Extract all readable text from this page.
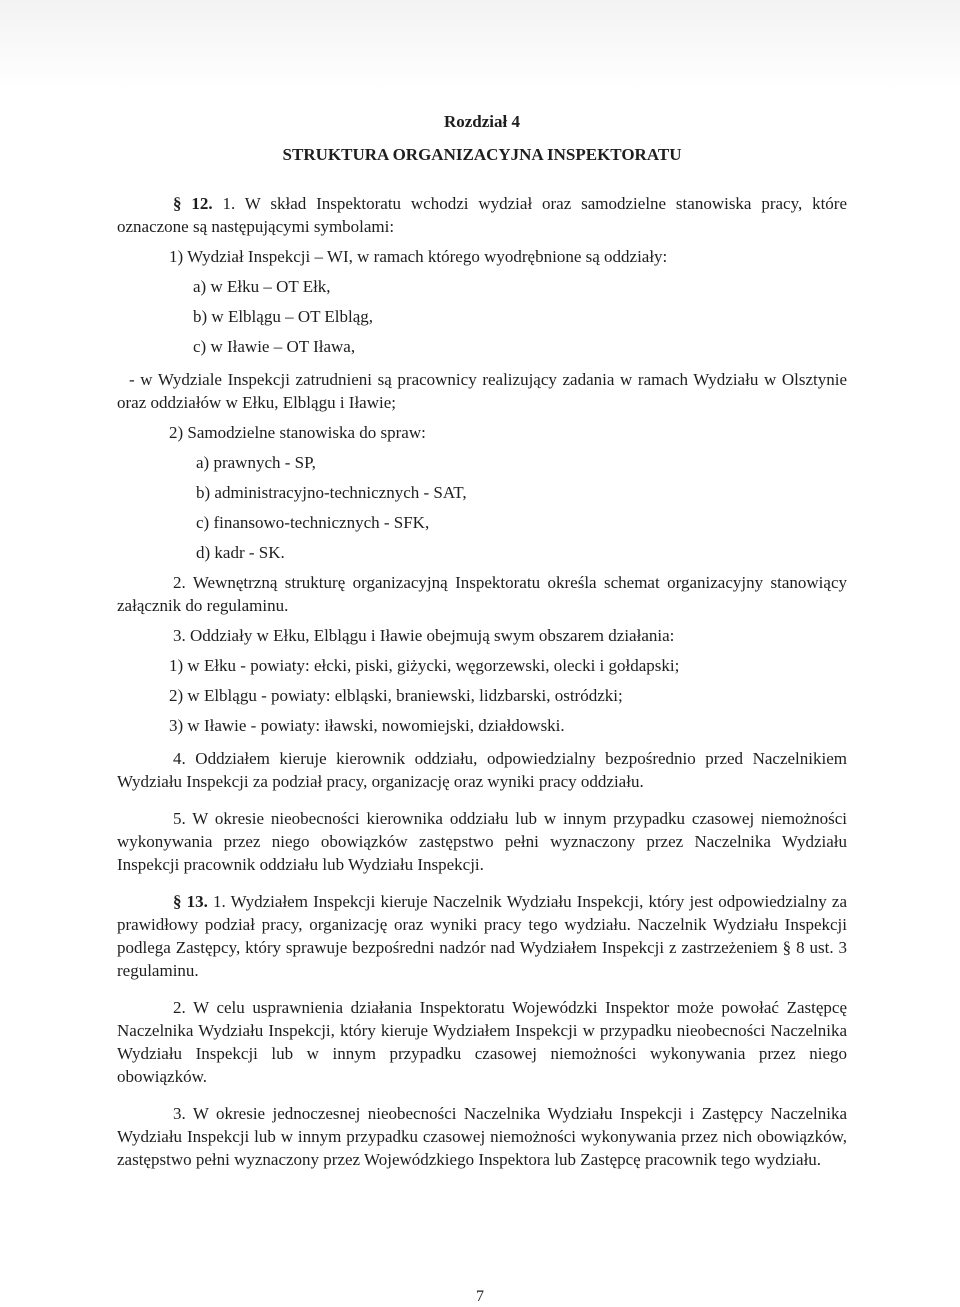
Rozdział 4
STRUKTURA ORGANIZACYJNA INSPEKTORATU

§ 12. 1. W skład Inspektoratu wchodzi wydział oraz samodzielne stanowiska pracy, które oznaczone są następującymi symbolami:

1) Wydział Inspekcji – WI, w ramach którego wyodrębnione są oddziały:

a) w Ełku – OT Ełk,

b) w Elblągu – OT Elbląg,

c) w Iławie – OT Iława,

- w Wydziale Inspekcji zatrudnieni są pracownicy realizujący zadania w ramach Wydziału w Olsztynie oraz oddziałów w Ełku, Elblągu i Iławie;

2) Samodzielne stanowiska do spraw:

a) prawnych - SP,

b) administracyjno-technicznych - SAT,

c) finansowo-technicznych - SFK,

d) kadr - SK.

2. Wewnętrzną strukturę organizacyjną Inspektoratu określa schemat organizacyjny stanowiący załącznik do regulaminu.

3. Oddziały w Ełku, Elblągu i Iławie obejmują swym obszarem działania:

1) w Ełku - powiaty: ełcki, piski, giżycki, węgorzewski, olecki i gołdapski;

2) w Elblągu - powiaty: elbląski, braniewski, lidzbarski, ostródzki;

3) w Iławie - powiaty: iławski, nowomiejski, działdowski.

4. Oddziałem kieruje kierownik oddziału, odpowiedzialny bezpośrednio przed Naczelnikiem Wydziału Inspekcji za podział pracy, organizację oraz wyniki pracy oddziału.

5. W okresie nieobecności kierownika oddziału lub w innym przypadku czasowej niemożności wykonywania przez niego obowiązków zastępstwo pełni wyznaczony przez Naczelnika Wydziału Inspekcji pracownik oddziału lub Wydziału Inspekcji.

§ 13. 1. Wydziałem Inspekcji kieruje Naczelnik Wydziału Inspekcji, który jest odpowiedzialny za prawidłowy podział pracy, organizację oraz wyniki pracy tego wydziału. Naczelnik Wydziału Inspekcji podlega Zastępcy, który sprawuje bezpośredni nadzór nad Wydziałem Inspekcji z zastrzeżeniem § 8 ust. 3 regulaminu.

2. W celu usprawnienia działania Inspektoratu Wojewódzki Inspektor może powołać Zastępcę Naczelnika Wydziału Inspekcji, który kieruje Wydziałem Inspekcji w przypadku nieobecności Naczelnika Wydziału Inspekcji lub w innym przypadku czasowej niemożności wykonywania przez niego obowiązków.

3. W okresie jednoczesnej nieobecności Naczelnika Wydziału Inspekcji i Zastępcy Naczelnika Wydziału Inspekcji lub w innym przypadku czasowej niemożności wykonywania przez nich obowiązków, zastępstwo pełni wyznaczony przez Wojewódzkiego Inspektora lub Zastępcę pracownik tego wydziału.

7
